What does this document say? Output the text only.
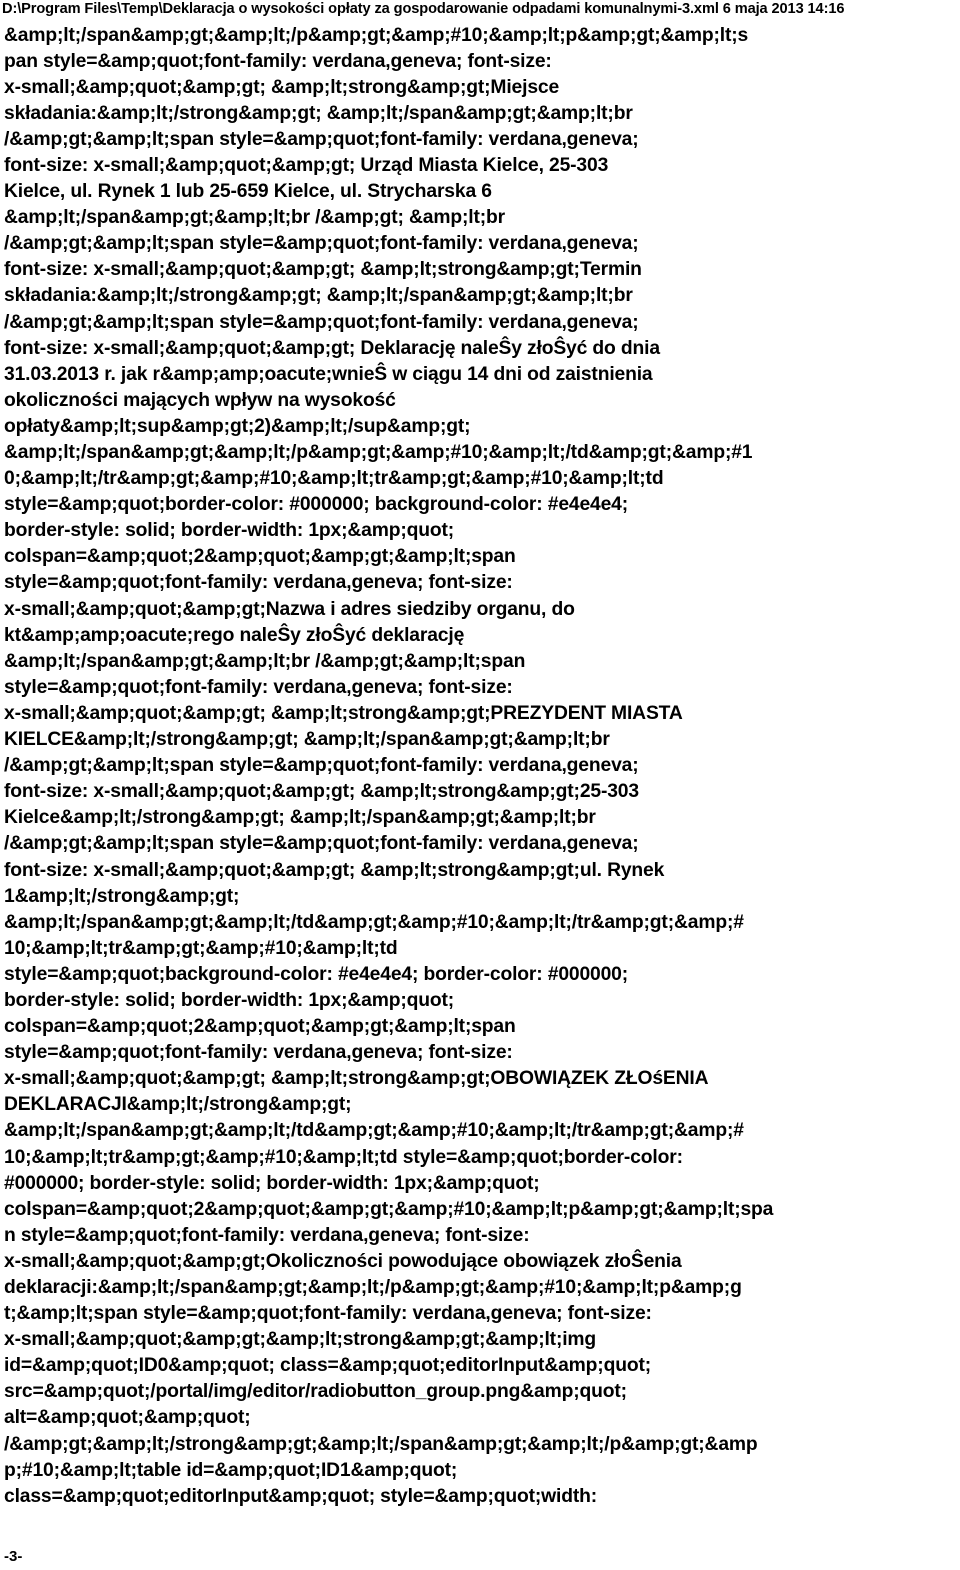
D:\Program Files\Temp\Deklaracja o wysokości opłaty za gospodarowanie odpadami komunalnymi-3.xml 6 maja 2013 14:16
&amp;lt;/span&amp;gt;&amp;lt;/p&amp;gt;&amp;#10;&amp;lt;p&amp;gt;&amp;lt;s
pan style=&amp;quot;font-family: verdana,geneva; font-size:
x-small;&amp;quot;&amp;gt; &amp;lt;strong&amp;gt;Miejsce
składania:&amp;lt;/strong&amp;gt; &amp;lt;/span&amp;gt;&amp;lt;br
/&amp;gt;&amp;lt;span style=&amp;quot;font-family: verdana,geneva;
font-size: x-small;&amp;quot;&amp;gt; Urząd Miasta Kielce, 25-303
Kielce, ul. Rynek 1 lub 25-659 Kielce, ul. Strycharska 6
&amp;lt;/span&amp;gt;&amp;lt;br /&amp;gt; &amp;lt;br
/&amp;gt;&amp;lt;span style=&amp;quot;font-family: verdana,geneva;
font-size: x-small;&amp;quot;&amp;gt; &amp;lt;strong&amp;gt;Termin
składania:&amp;lt;/strong&amp;gt; &amp;lt;/span&amp;gt;&amp;lt;br
/&amp;gt;&amp;lt;span style=&amp;quot;font-family: verdana,geneva;
font-size: x-small;&amp;quot;&amp;gt; Deklarację naleŜy złoŜyć do dnia
31.03.2013 r. jak r&amp;amp;oacute;wnieŜ w ciągu 14 dni od zaistnienia
okoliczności mających wpływ na wysokość
opłaty&amp;lt;sup&amp;gt;2)&amp;lt;/sup&amp;gt;
&amp;lt;/span&amp;gt;&amp;lt;/p&amp;gt;&amp;#10;&amp;lt;/td&amp;gt;&amp;#1
0;&amp;lt;/tr&amp;gt;&amp;#10;&amp;lt;tr&amp;gt;&amp;#10;&amp;lt;td
style=&amp;quot;border-color: #000000; background-color: #e4e4e4;
border-style: solid; border-width: 1px;&amp;quot;
colspan=&amp;quot;2&amp;quot;&amp;gt;&amp;lt;span
style=&amp;quot;font-family: verdana,geneva; font-size:
x-small;&amp;quot;&amp;gt;Nazwa i adres siedziby organu, do
kt&amp;amp;oacute;rego naleŜy złoŜyć deklarację
&amp;lt;/span&amp;gt;&amp;lt;br /&amp;gt;&amp;lt;span
style=&amp;quot;font-family: verdana,geneva; font-size:
x-small;&amp;quot;&amp;gt; &amp;lt;strong&amp;gt;PREZYDENT MIASTA
KIELCE&amp;lt;/strong&amp;gt; &amp;lt;/span&amp;gt;&amp;lt;br
/&amp;gt;&amp;lt;span style=&amp;quot;font-family: verdana,geneva;
font-size: x-small;&amp;quot;&amp;gt; &amp;lt;strong&amp;gt;25-303
Kielce&amp;lt;/strong&amp;gt; &amp;lt;/span&amp;gt;&amp;lt;br
/&amp;gt;&amp;lt;span style=&amp;quot;font-family: verdana,geneva;
font-size: x-small;&amp;quot;&amp;gt; &amp;lt;strong&amp;gt;ul. Rynek
1&amp;lt;/strong&amp;gt;
&amp;lt;/span&amp;gt;&amp;lt;/td&amp;gt;&amp;#10;&amp;lt;/tr&amp;gt;&amp;#
10;&amp;lt;tr&amp;gt;&amp;#10;&amp;lt;td
style=&amp;quot;background-color: #e4e4e4; border-color: #000000;
border-style: solid; border-width: 1px;&amp;quot;
colspan=&amp;quot;2&amp;quot;&amp;gt;&amp;lt;span
style=&amp;quot;font-family: verdana,geneva; font-size:
x-small;&amp;quot;&amp;gt; &amp;lt;strong&amp;gt;OBOWIĄZEK ZŁOśENIA
DEKLARACJI&amp;lt;/strong&amp;gt;
&amp;lt;/span&amp;gt;&amp;lt;/td&amp;gt;&amp;#10;&amp;lt;/tr&amp;gt;&amp;#
10;&amp;lt;tr&amp;gt;&amp;#10;&amp;lt;td style=&amp;quot;border-color:
#000000; border-style: solid; border-width: 1px;&amp;quot;
colspan=&amp;quot;2&amp;quot;&amp;gt;&amp;#10;&amp;lt;p&amp;gt;&amp;lt;spa
n style=&amp;quot;font-family: verdana,geneva; font-size:
x-small;&amp;quot;&amp;gt;Okoliczności powodujące obowiązek złoŜenia
deklaracji:&amp;lt;/span&amp;gt;&amp;lt;/p&amp;gt;&amp;#10;&amp;lt;p&amp;g
t;&amp;lt;span style=&amp;quot;font-family: verdana,geneva; font-size:
x-small;&amp;quot;&amp;gt;&amp;lt;strong&amp;gt;&amp;lt;img
id=&amp;quot;ID0&amp;quot; class=&amp;quot;editorInput&amp;quot;
src=&amp;quot;/portal/img/editor/radiobutton_group.png&amp;quot;
alt=&amp;quot;&amp;quot;
/&amp;gt;&amp;lt;/strong&amp;gt;&amp;lt;/span&amp;gt;&amp;lt;/p&amp;gt;&amp
p;#10;&amp;lt;table id=&amp;quot;ID1&amp;quot;
class=&amp;quot;editorInput&amp;quot; style=&amp;quot;width:
-3-
